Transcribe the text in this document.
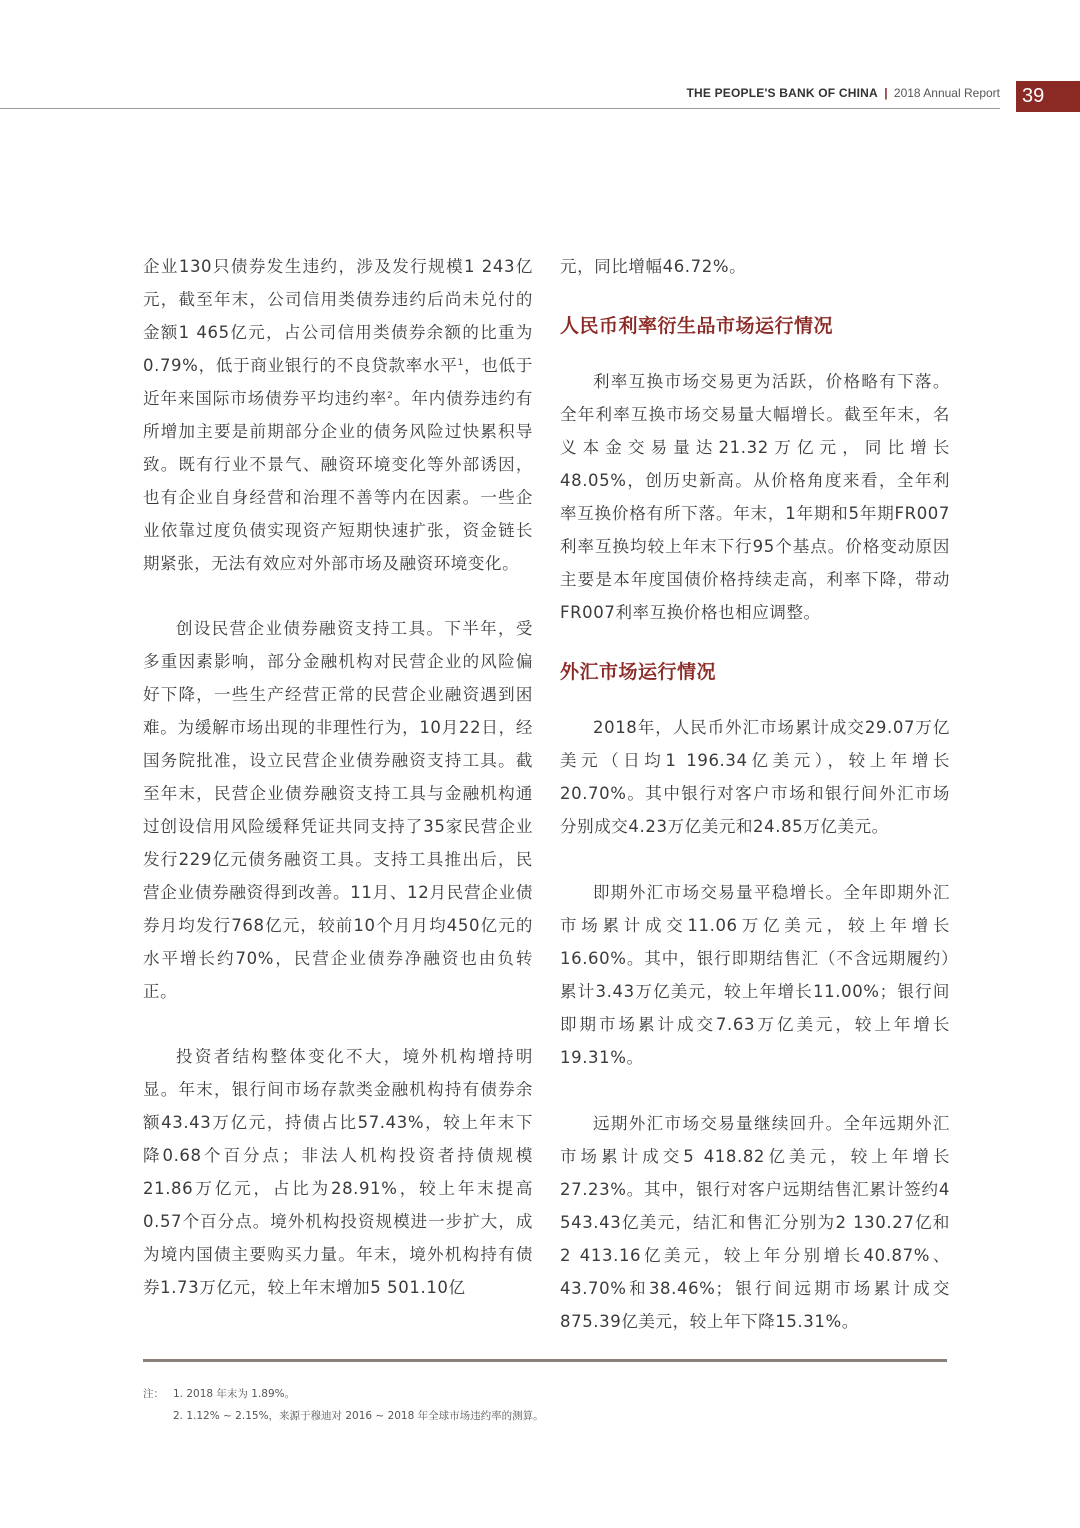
THE PEOPLE'S BANK OF CHINA | 2018 Annual Report	39

企业130只债券发生违约，涉及发行规模1 243亿元，截至年末，公司信用类债券违约后尚未兑付的金额1 465亿元，占公司信用类债券余额的比重为0.79%，低于商业银行的不良贷款率水平$^1$，也低于近年来国际市场债券平均违约率$^2$。年内债券违约有所增加主要是前期部分企业的债务风险过快累积导致。既有行业不景气、融资环境变化等外部诱因，也有企业自身经营和治理不善等内在因素。一些企业依靠过度负债实现资产短期快速扩张，资金链长期紧张，无法有效应对外部市场及融资环境变化。

创设民营企业债券融资支持工具。下半年，受多重因素影响，部分金融机构对民营企业的风险偏好下降，一些生产经营正常的民营企业融资遇到困难。为缓解市场出现的非理性行为，10月22日，经国务院批准，设立民营企业债券融资支持工具。截至年末，民营企业债券融资支持工具与金融机构通过创设信用风险缓释凭证共同支持了35家民营企业发行229亿元债务融资工具。支持工具推出后，民营企业债券融资得到改善。11月、12月民营企业债券月均发行768亿元，较前10个月月均450亿元的水平增长约70%，民营企业债券净融资也由负转正。

投资者结构整体变化不大，境外机构增持明显。年末，银行间市场存款类金融机构持有债券余额43.43万亿元，持债占比57.43%，较上年末下降0.68个百分点；非法人机构投资者持债规模21.86万亿元，占比为28.91%，较上年末提高0.57个百分点。境外机构投资规模进一步扩大，成为境内国债主要购买力量。年末，境外机构持有债券1.73万亿元，较上年末增加5 501.10亿

元，同比增幅46.72%。

人民币利率衍生品市场运行情况

利率互换市场交易更为活跃，价格略有下落。全年利率互换市场交易量大幅增长。截至年末，名义本金交易量达21.32万亿元，同比增长48.05%，创历史新高。从价格角度来看，全年利率互换价格有所下落。年末，1年期和5年期FR007利率互换均较上年末下行95个基点。价格变动原因主要是本年度国债价格持续走高，利率下降，带动FR007利率互换价格也相应调整。

外汇市场运行情况

2018年，人民币外汇市场累计成交29.07万亿美元（日均1 196.34亿美元），较上年增长20.70%。其中银行对客户市场和银行间外汇市场分别成交4.23万亿美元和24.85万亿美元。

即期外汇市场交易量平稳增长。全年即期外汇市场累计成交11.06万亿美元，较上年增长16.60%。其中，银行即期结售汇（不含远期履约）累计3.43万亿美元，较上年增长11.00%；银行间即期市场累计成交7.63万亿美元，较上年增长19.31%。

远期外汇市场交易量继续回升。全年远期外汇市场累计成交5 418.82亿美元，较上年增长27.23%。其中，银行对客户远期结售汇累计签约4 543.43亿美元，结汇和售汇分别为2 130.27亿和2 413.16亿美元，较上年分别增长40.87%、43.70%和38.46%；银行间远期市场累计成交875.39亿美元，较上年下降15.31%。

注： 1. 2018 年末为 1.89%。
2. 1.12% ~ 2.15%，来源于穆迪对 2016 ~ 2018 年全球市场违约率的测算。
